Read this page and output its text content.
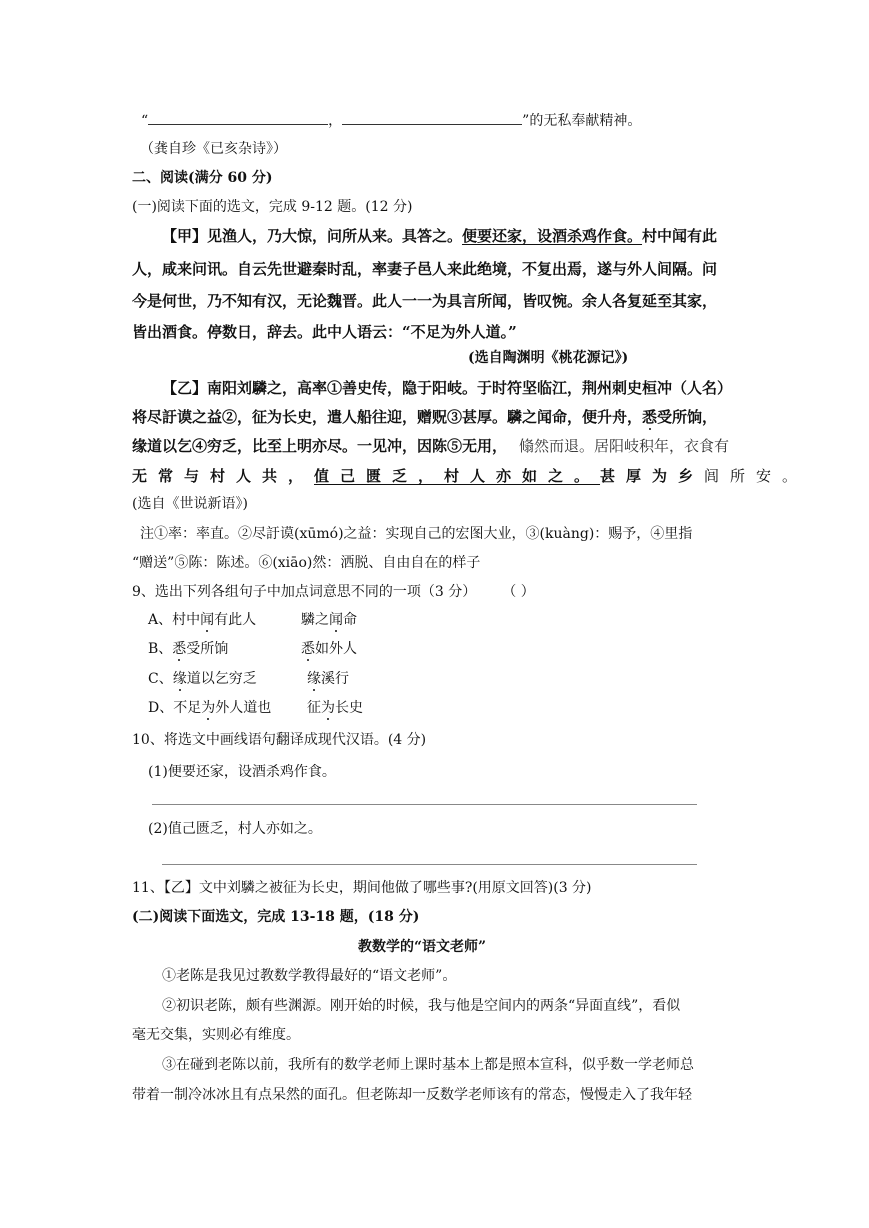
“	，	”的无私奉献精神。
（龚自珍《已亥杂诗》）
二、阅读(满分 60 分)
(一)阅读下面的选文，完成 9-12 题。(12 分)
【甲】见渔人，乃大惊，问所从来。具答之。便要还家，设酒杀鸡作食。村中闻有此
人，咸来问讯。自云先世避秦时乱，率妻子邑人来此绝境，不复出焉，遂与外人间隔。问
今是何世，乃不知有汉，无论魏晋。此人一一为具言所闻，皆叹惋。余人各复延至其家，
皆出酒食。停数日，辞去。此中人语云：“不足为外人道。”
(选自陶渊明《桃花源记》)
【乙】南阳刘驎之，高率①善史传，隐于阳岐。于时符坚临江，荆州刺史桓冲（人名）
将尽訏谟之益②，征为长史，遣人船往迎，赠贶③甚厚。驎之闻命，便升舟，悉受所饷，
缘道以乞④穷乏，比至上明亦尽。一见冲，因陈⑤无用， 翛然而退。居阳岐积年，衣食有
无常与村人共，值己匮乏，村人亦如之。甚厚为乡闾所安。
(选自《世说新语》)
注①率：率直。②尽訏谟(xūmó)之益：实现自己的宏图大业，③(kuàng)：赐予，④里指
“赠送”⑤陈：陈述。⑥(xiāo)然：洒脱、自由自在的样子
9、选出下列各组句子中加点词意思不同的一项（3 分） （ ）
A、村中闻有此人	驎之闻命
B、悉受所饷	悉如外人
C、缘道以乞穷乏	缘溪行
D、不足为外人道也	征为长史
10、将选文中画线语句翻译成现代汉语。(4 分)
(1)便要还家，设酒杀鸡作食。
(2)值己匮乏，村人亦如之。
11、【乙】文中刘驎之被征为长史，期间他做了哪些事?(用原文回答)(3 分)
(二)阅读下面选文，完成 13-18 题，(18 分)
教数学的“语文老师”
①老陈是我见过教数学教得最好的“语文老师”。
②初识老陈，颇有些渊源。刚开始的时候，我与他是空间内的两条“异面直线”，看似
毫无交集，实则必有维度。
③在碰到老陈以前，我所有的数学老师上课时基本上都是照本宣科，似乎数一学老师总
带着一制冷冰冰且有点呆然的面孔。但老陈却一反数学老师该有的常态，慢慢走入了我年轻
